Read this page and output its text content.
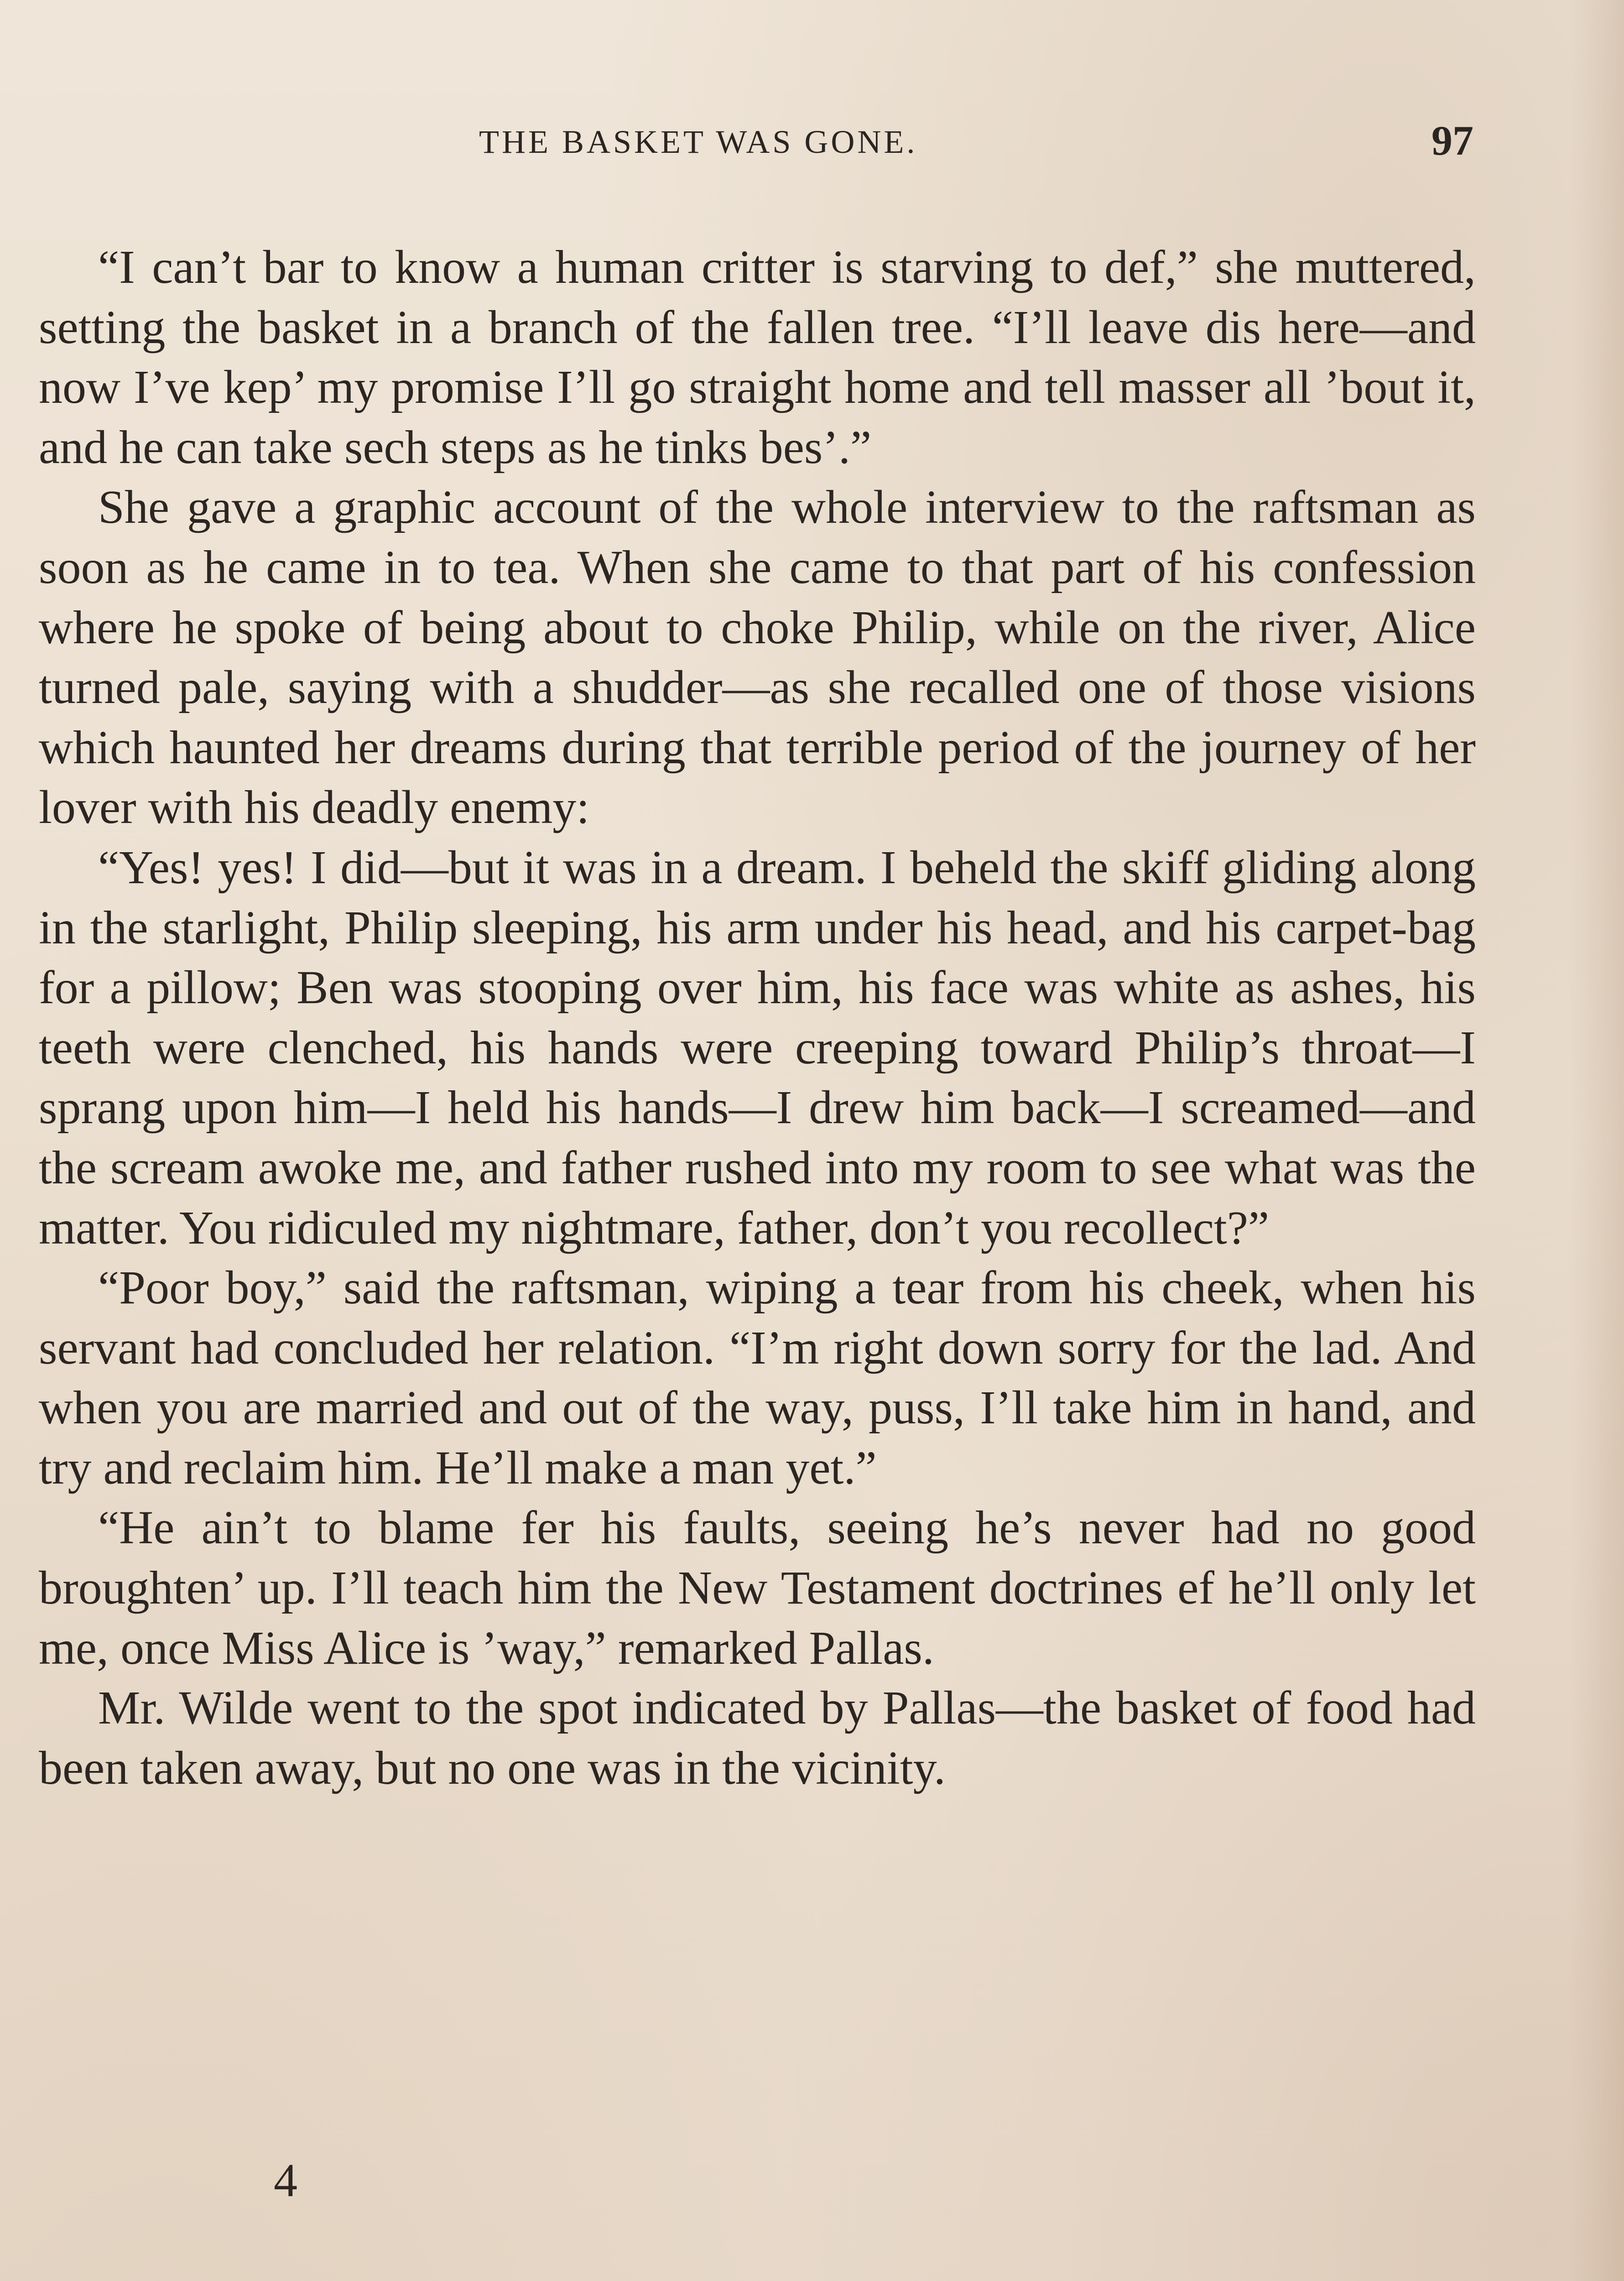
THE BASKET WAS GONE.	97

“I can’t bar to know a human critter is starving to def,” she muttered, setting the basket in a branch of the fallen tree. “I’ll leave dis here—and now I’ve kep’ my promise I’ll go straight home and tell masser all ’bout it, and he can take sech steps as he tinks bes’.”

She gave a graphic account of the whole interview to the raftsman as soon as he came in to tea. When she came to that part of his confession where he spoke of being about to choke Philip, while on the river, Alice turned pale, saying with a shudder—as she recalled one of those visions which haunted her dreams during that terrible period of the journey of her lover with his deadly enemy:

“Yes! yes! I did—but it was in a dream. I beheld the skiff gliding along in the starlight, Philip sleeping, his arm under his head, and his carpet-bag for a pillow; Ben was stooping over him, his face was white as ashes, his teeth were clenched, his hands were creeping toward Philip’s throat—I sprang upon him—I held his hands—I drew him back—I screamed—and the scream awoke me, and father rushed into my room to see what was the matter. You ridiculed my nightmare, father, don’t you recollect?”

“Poor boy,” said the raftsman, wiping a tear from his cheek, when his servant had concluded her relation. “I’m right down sorry for the lad. And when you are married and out of the way, puss, I’ll take him in hand, and try and reclaim him. He’ll make a man yet.”

“He ain’t to blame fer his faults, seeing he’s never had no good broughten’ up. I’ll teach him the New Testament doctrines ef he’ll only let me, once Miss Alice is ’way,” remarked Pallas.

Mr. Wilde went to the spot indicated by Pallas—the basket of food had been taken away, but no one was in the vicinity.

4
